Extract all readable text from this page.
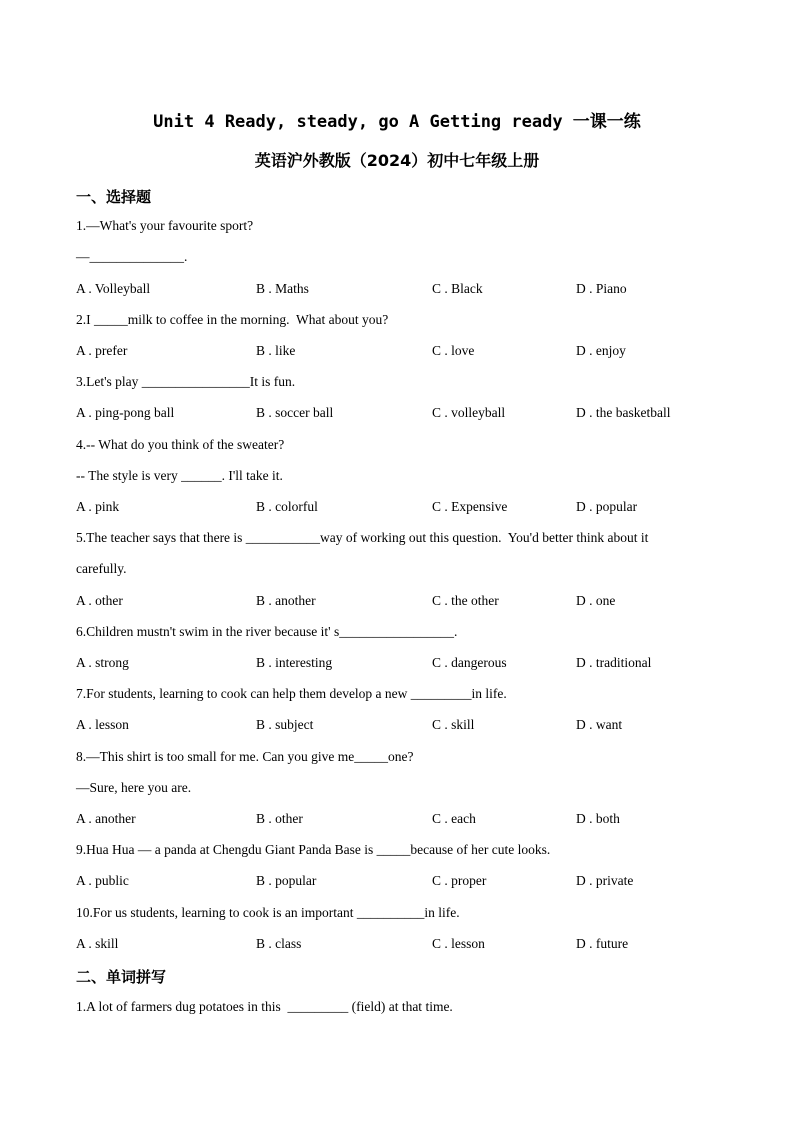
Unit 4 Ready, steady, go A Getting ready 一课一练
英语沪外教版（2024）初中七年级上册
一、选择题
1.—What's your favourite sport?
—______________.
A . Volleyball	B . Maths	C . Black	D . Piano
2.I _____milk to coffee in the morning.  What about you?
A . prefer	B . like	C . love	D . enjoy
3.Let's play ________________It is fun.
A . ping-pong ball	B . soccer ball	C . volleyball	D . the basketball
4.-- What do you think of the sweater?
-- The style is very ______. I'll take it.
A . pink	B . colorful	C . Expensive	D . popular
5.The teacher says that there is ___________way of working out this question.  You'd better think about it
carefully.
A . other	B . another	C . the other	D . one
6.Children mustn't swim in the river because it' s_________________.
A . strong	B . interesting	C . dangerous	D . traditional
7.For students, learning to cook can help them develop a new _________in life.
A . lesson	B . subject	C . skill	D . want
8.—This shirt is too small for me. Can you give me_____one?
—Sure, here you are.
A . another	B . other	C . each	D . both
9.Hua Hua — a panda at Chengdu Giant Panda Base is _____because of her cute looks.
A . public	B . popular	C . proper	D . private
10.For us students, learning to cook is an important __________in life.
A . skill	B . class	C . lesson	D . future
二、单词拼写
1.A lot of farmers dug potatoes in this  _________ (field) at that time.
